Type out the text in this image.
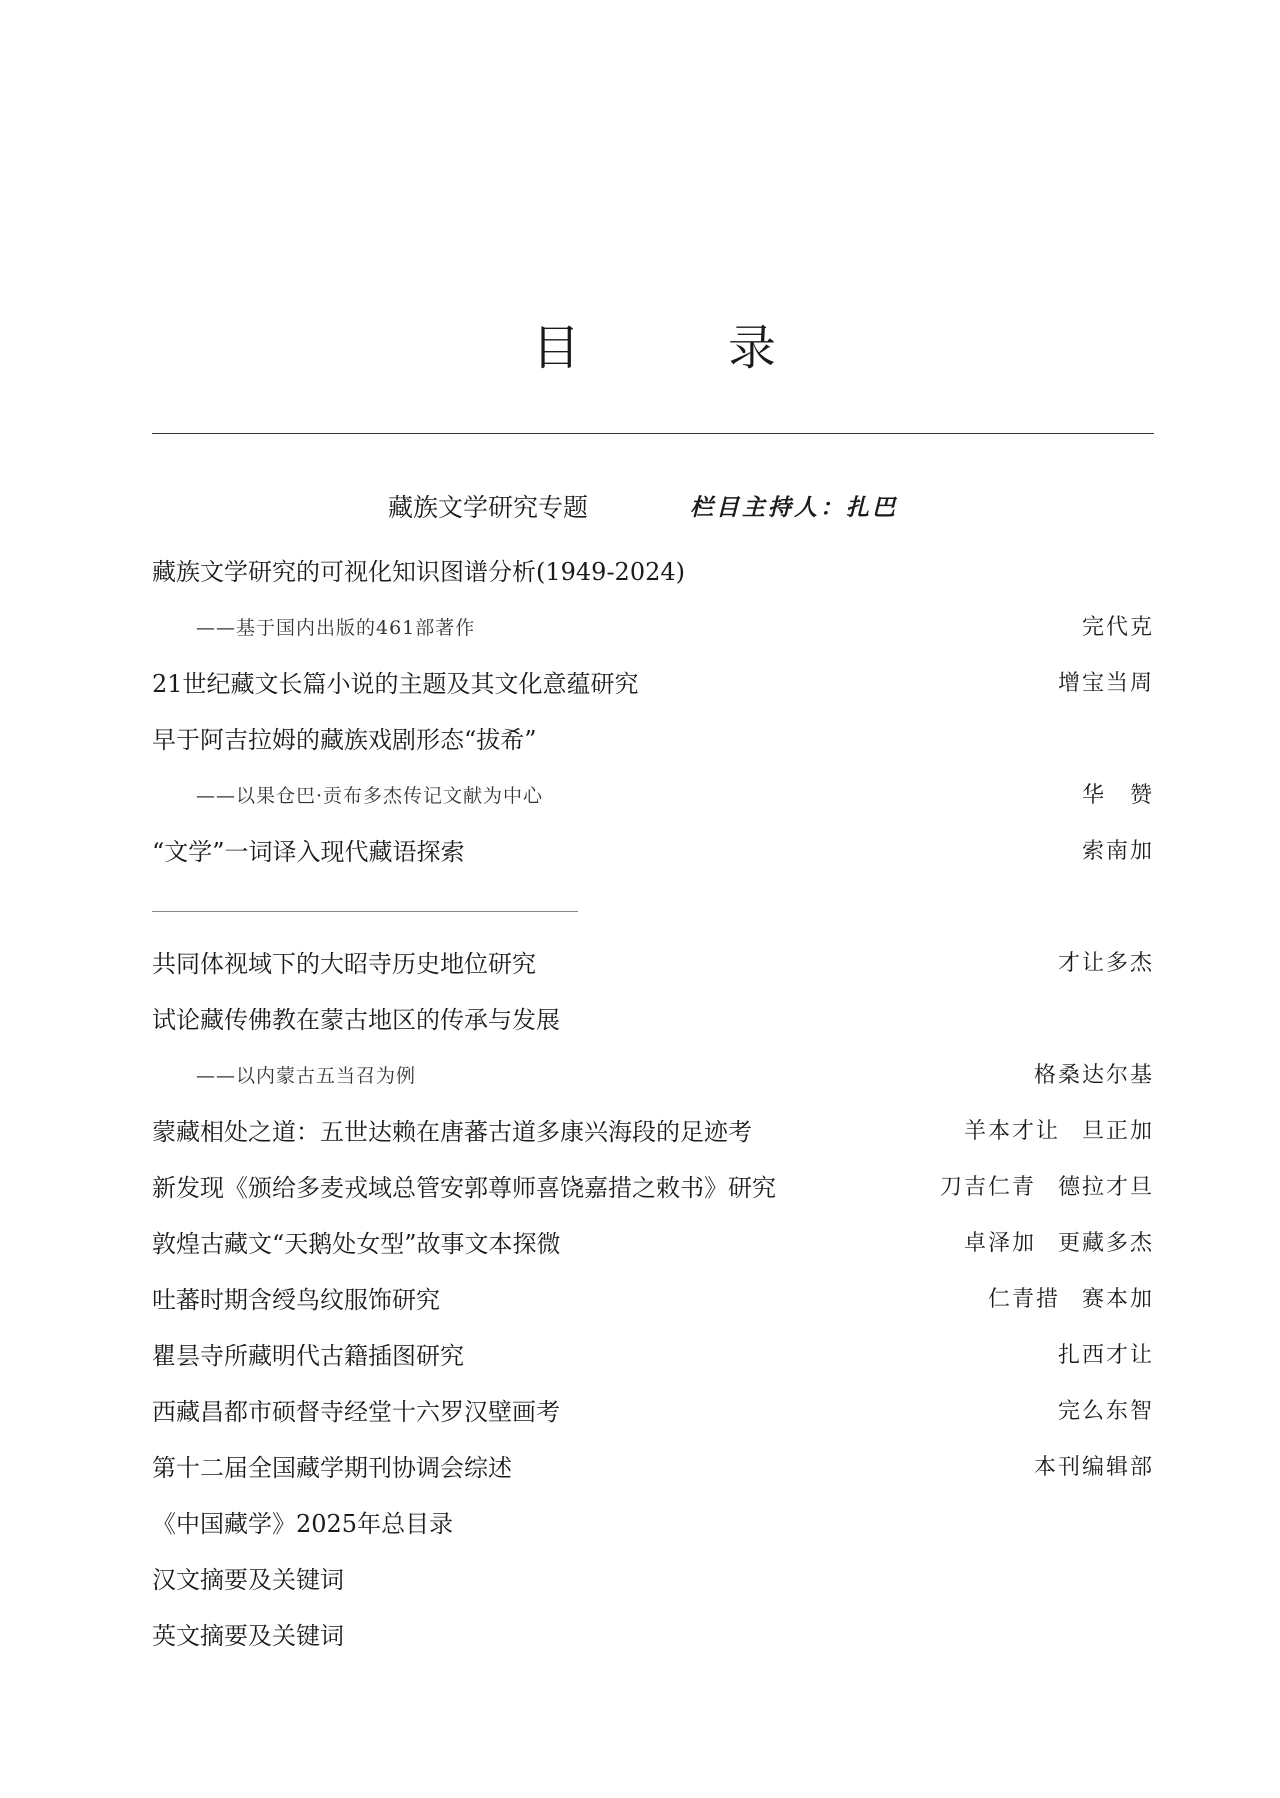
目	录
藏族文学研究专题	栏目主持人：扎巴
藏族文学研究的可视化知识图谱分析(1949-2024)
——基于国内出版的461部著作	完代克
21世纪藏文长篇小说的主题及其文化意蕴研究	增宝当周
早于阿吉拉姆的藏族戏剧形态“拔希”
——以果仓巴·贡布多杰传记文献为中心	华　赞
“文学”一词译入现代藏语探索	索南加
共同体视域下的大昭寺历史地位研究	才让多杰
试论藏传佛教在蒙古地区的传承与发展
——以内蒙古五当召为例	格桑达尔基
蒙藏相处之道：五世达赖在唐蕃古道多康兴海段的足迹考	羊本才让 旦正加
新发现《颁给多麦戎域总管安郭尊师喜饶嘉措之敕书》研究	刀吉仁青 德拉才旦
敦煌古藏文“天鹅处女型”故事文本探微	卓泽加 更藏多杰
吐蕃时期含绶鸟纹服饰研究	仁青措 赛本加
瞿昙寺所藏明代古籍插图研究	扎西才让
西藏昌都市硕督寺经堂十六罗汉壁画考	完么东智
第十二届全国藏学期刊协调会综述	本刊编辑部
《中国藏学》2025年总目录
汉文摘要及关键词
英文摘要及关键词
